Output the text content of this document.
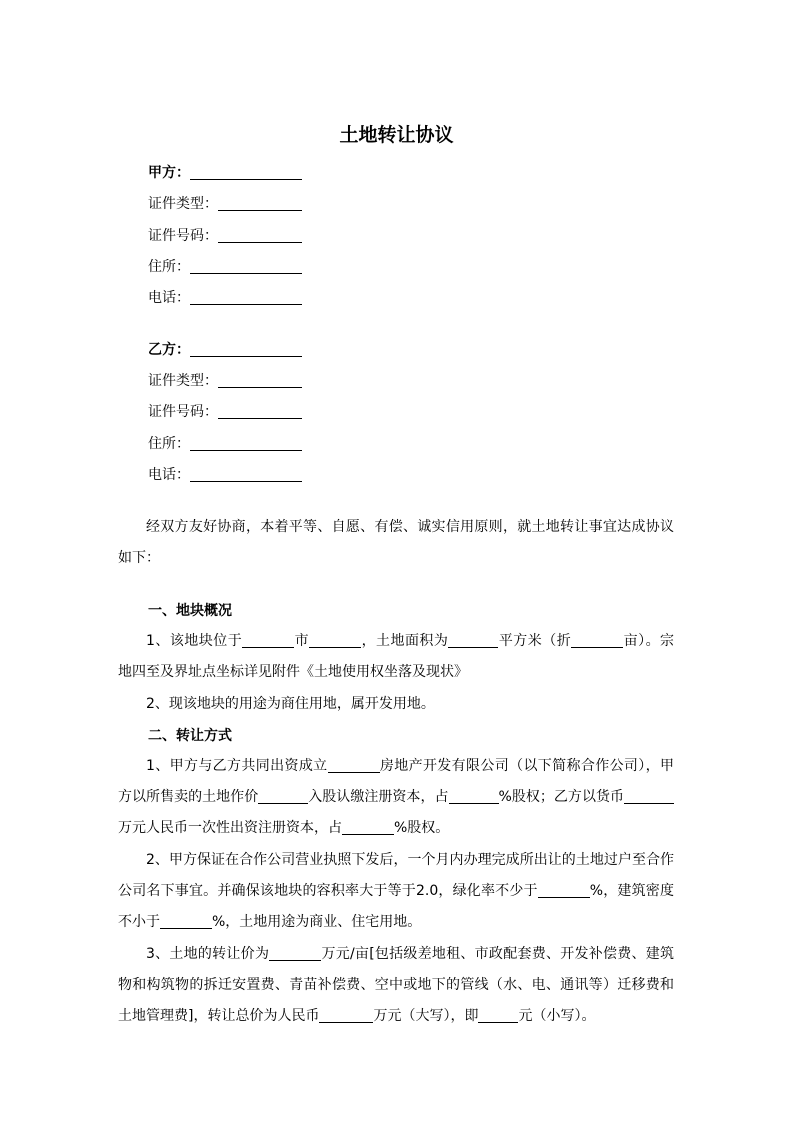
土地转让协议
甲方：
证件类型：
证件号码：
住所：
电话：
乙方：
证件类型：
证件号码：
住所：
电话：

经双方友好协商，本着平等、自愿、有偿、诚实信用原则，就土地转让事宜达成协议如下：

一、地块概况

1、该地块位于	市	，土地面积为	平方米（折	亩）。宗地四至及界址点坐标详见附件《土地使用权坐落及现状》

2、现该地块的用途为商住用地，属开发用地。

二、转让方式

1、甲方与乙方共同出资成立	房地产开发有限公司（以下简称合作公司），甲方以所售卖的土地作价	入股认缴注册资本，占	%股权；乙方以货币万元人民币一次性出资注册资本，占	%股权。

2、甲方保证在合作公司营业执照下发后，一个月内办理完成所出让的土地过户至合作公司名下事宜。并确保该地块的容积率大于等于2.0，绿化率不少于	%，建筑密度不小于	%，土地用途为商业、住宅用地。

3、土地的转让价为	万元/亩[包括级差地租、市政配套费、开发补偿费、建筑物和构筑物的拆迁安置费、青苗补偿费、空中或地下的管线（水、电、通讯等）迁移费和土地管理费]，转让总价为人民币	万元（大写），即	元（小写）。
